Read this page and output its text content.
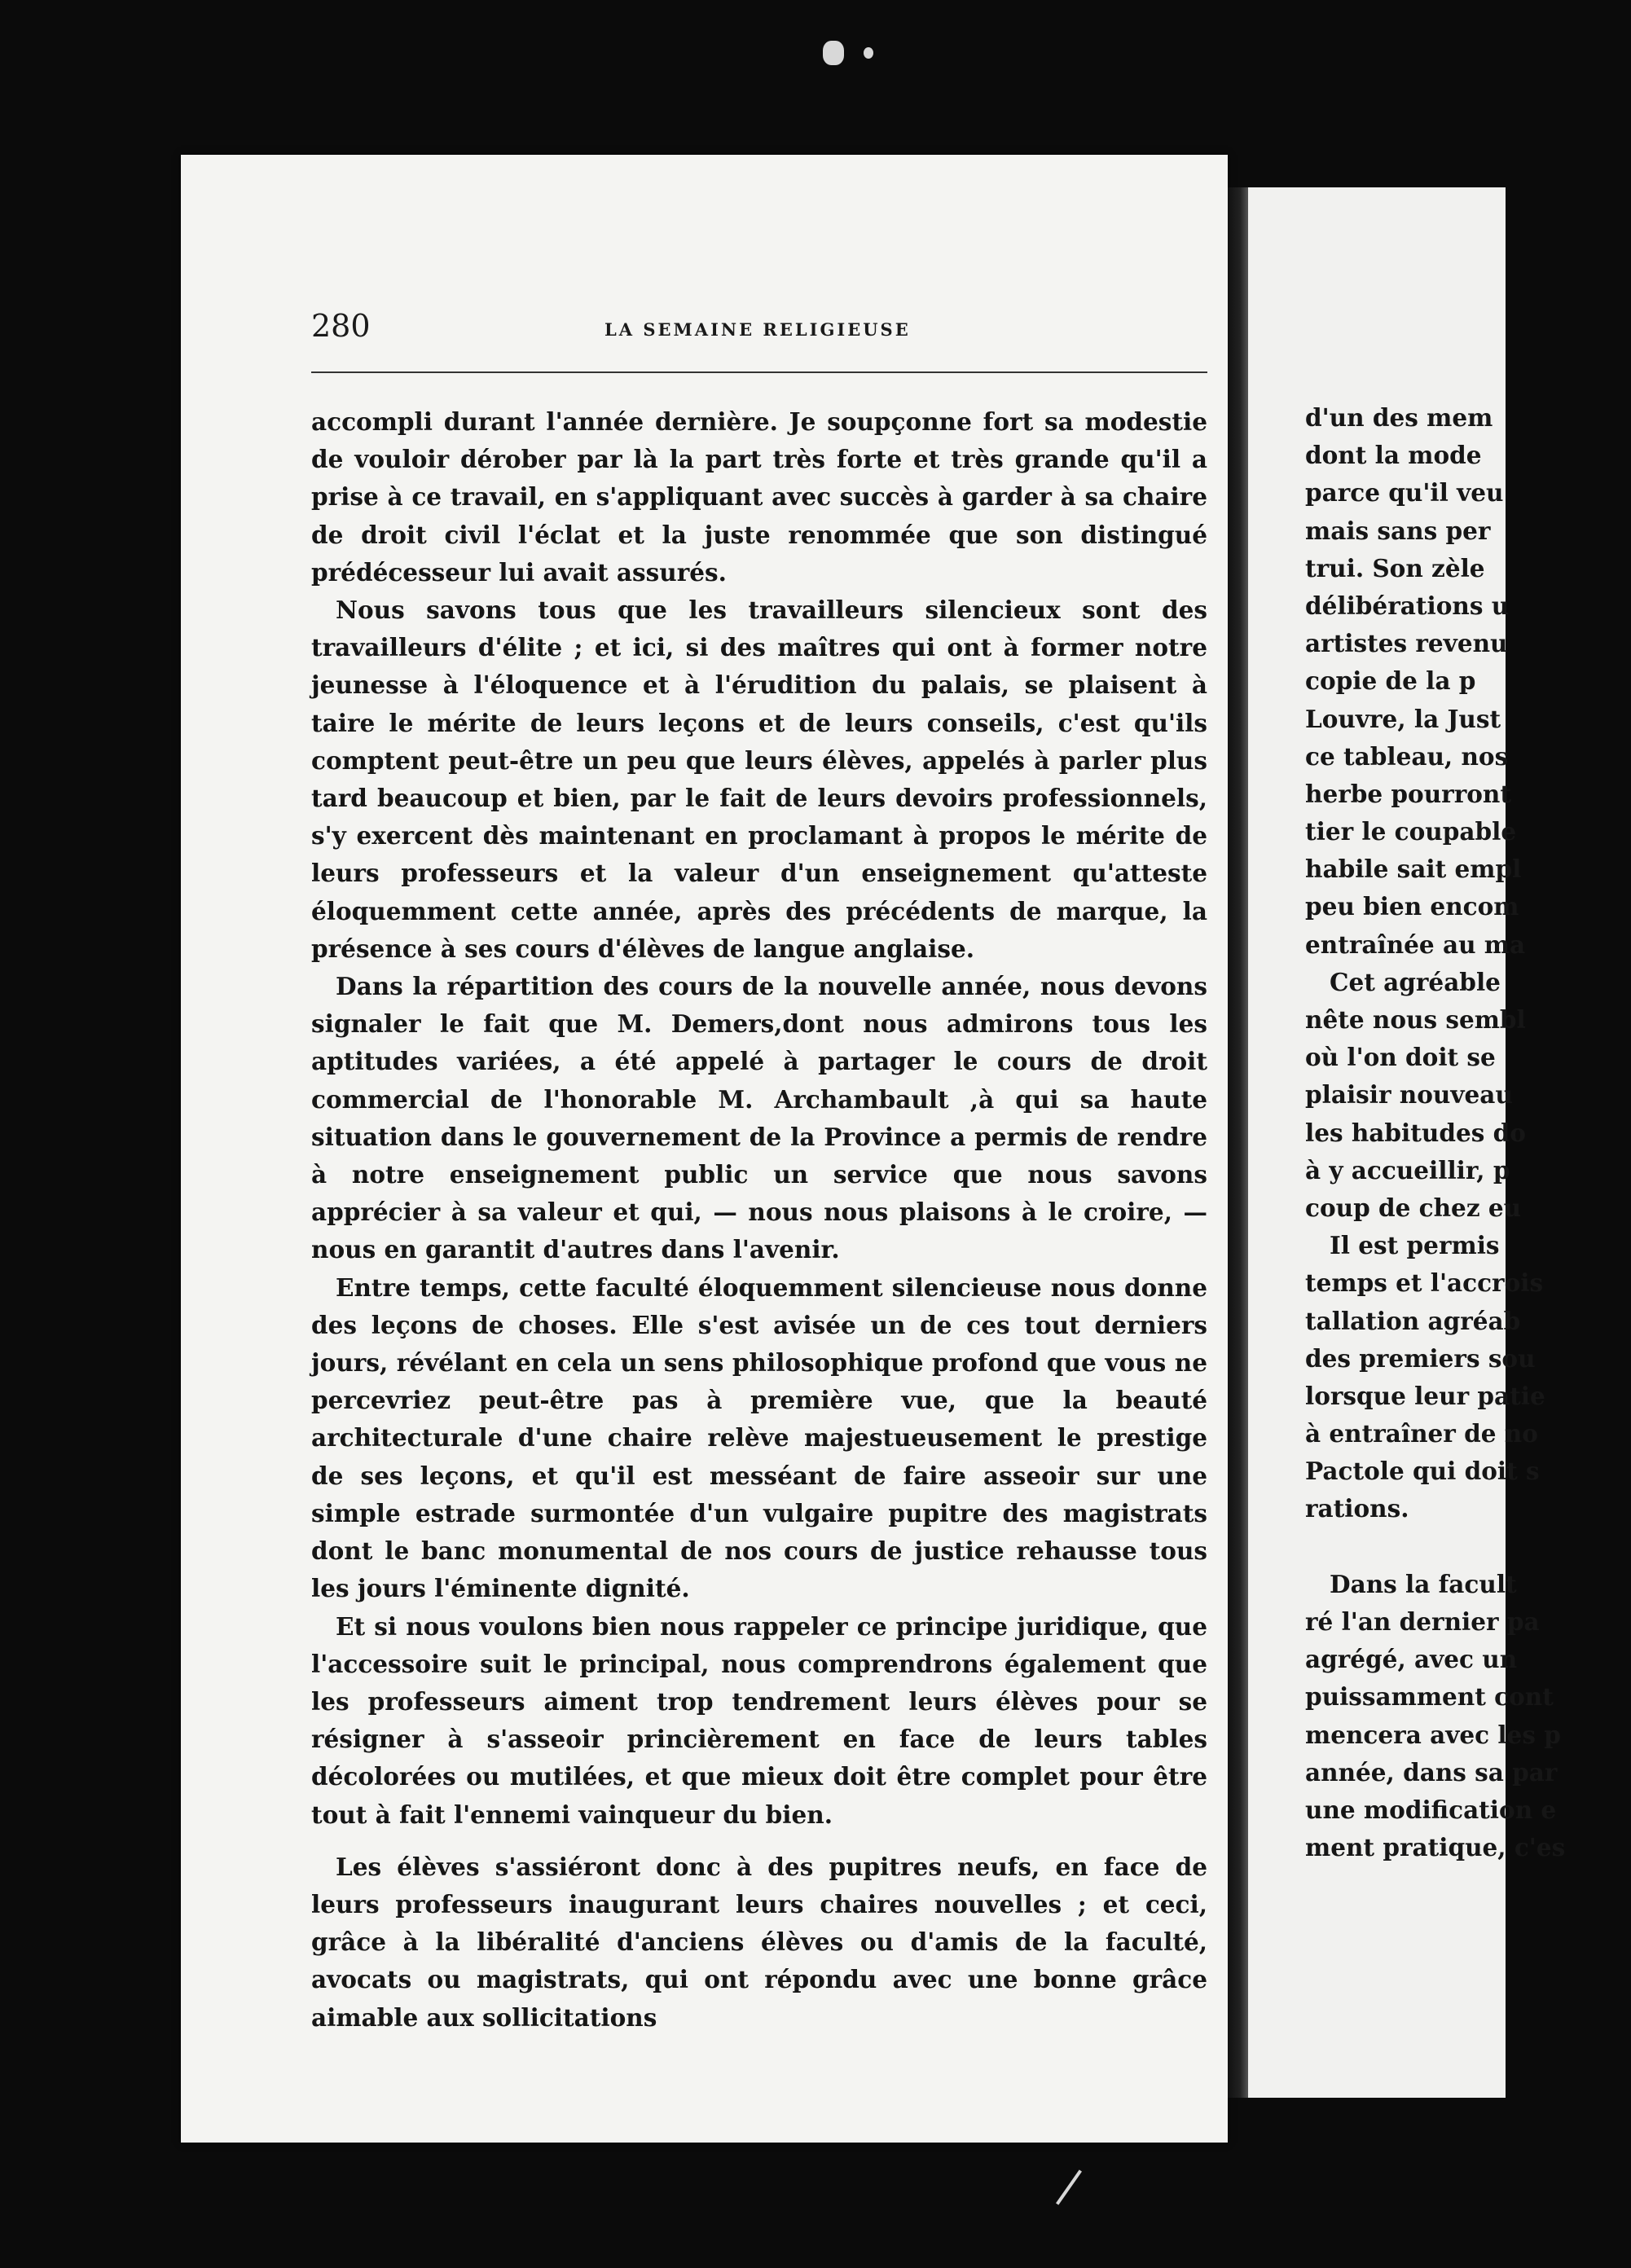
280	LA SEMAINE RELIGIEUSE

accompli durant l'année dernière. Je soupçonne fort sa modestie de vouloir dérober par là la part très forte et très grande qu'il a prise à ce travail, en s'appliquant avec succès à garder à sa chaire de droit civil l'éclat et la juste renommée que son distingué prédécesseur lui avait assurés.

Nous savons tous que les travailleurs silencieux sont des travailleurs d'élite ; et ici, si des maîtres qui ont à former notre jeunesse à l'éloquence et à l'érudition du palais, se plaisent à taire le mérite de leurs leçons et de leurs conseils, c'est qu'ils comptent peut-être un peu que leurs élèves, appelés à parler plus tard beaucoup et bien, par le fait de leurs devoirs professionnels, s'y exercent dès maintenant en proclamant à propos le mérite de leurs professeurs et la valeur d'un enseignement qu'atteste éloquemment cette année, après des précédents de marque, la présence à ses cours d'élèves de langue anglaise.

Dans la répartition des cours de la nouvelle année, nous devons signaler le fait que M. Demers,dont nous admirons tous les aptitudes variées, a été appelé à partager le cours de droit commercial de l'honorable M. Archambault ,à qui sa haute situation dans le gouvernement de la Province a permis de rendre à notre enseignement public un service que nous savons apprécier à sa valeur et qui, — nous nous plaisons à le croire, — nous en garantit d'autres dans l'avenir.

Entre temps, cette faculté éloquemment silencieuse nous donne des leçons de choses. Elle s'est avisée un de ces tout derniers jours, révélant en cela un sens philosophique profond que vous ne percevriez peut-être pas à première vue, que la beauté architecturale d'une chaire relève majestueusement le prestige de ses leçons, et qu'il est messéant de faire asseoir sur une simple estrade surmontée d'un vulgaire pupitre des magistrats dont le banc monumental de nos cours de justice rehausse tous les jours l'éminente dignité.

Et si nous voulons bien nous rappeler ce principe juridique, que l'accessoire suit le principal, nous comprendrons également que les professeurs aiment trop tendrement leurs élèves pour se résigner à s'asseoir princièrement en face de leurs tables décolorées ou mutilées, et que mieux doit être complet pour être tout à fait l'ennemi vainqueur du bien.

Les élèves s'assiéront donc à des pupitres neufs, en face de leurs professeurs inaugurant leurs chaires nouvelles ; et ceci, grâce à la libéralité d'anciens élèves ou d'amis de la faculté, avocats ou magistrats, qui ont répondu avec une bonne grâce aimable aux sollicitations

d'un des mem
dont la mode
parce qu'il veu
mais sans per
trui. Son zèle
délibérations u
artistes revenu
copie de la p
Louvre, la Just
ce tableau, nos
herbe pourront
tier le coupable
habile sait empl
peu bien encom
entraînée au ma
Cet agréable
nête nous sembl
où l'on doit se
plaisir nouveau
les habitudes do
à y accueillir, p
coup de chez eu
Il est permis
temps et l'accrois
tallation agréab
des premiers sou
lorsque leur patie
à entraîner de no
Pactole qui doit s
rations.
Dans la facult
ré l'an dernier pa
agrégé, avec un
puissamment cont
mencera avec les p
année, dans sa par
une modification e
ment pratique, c'es
